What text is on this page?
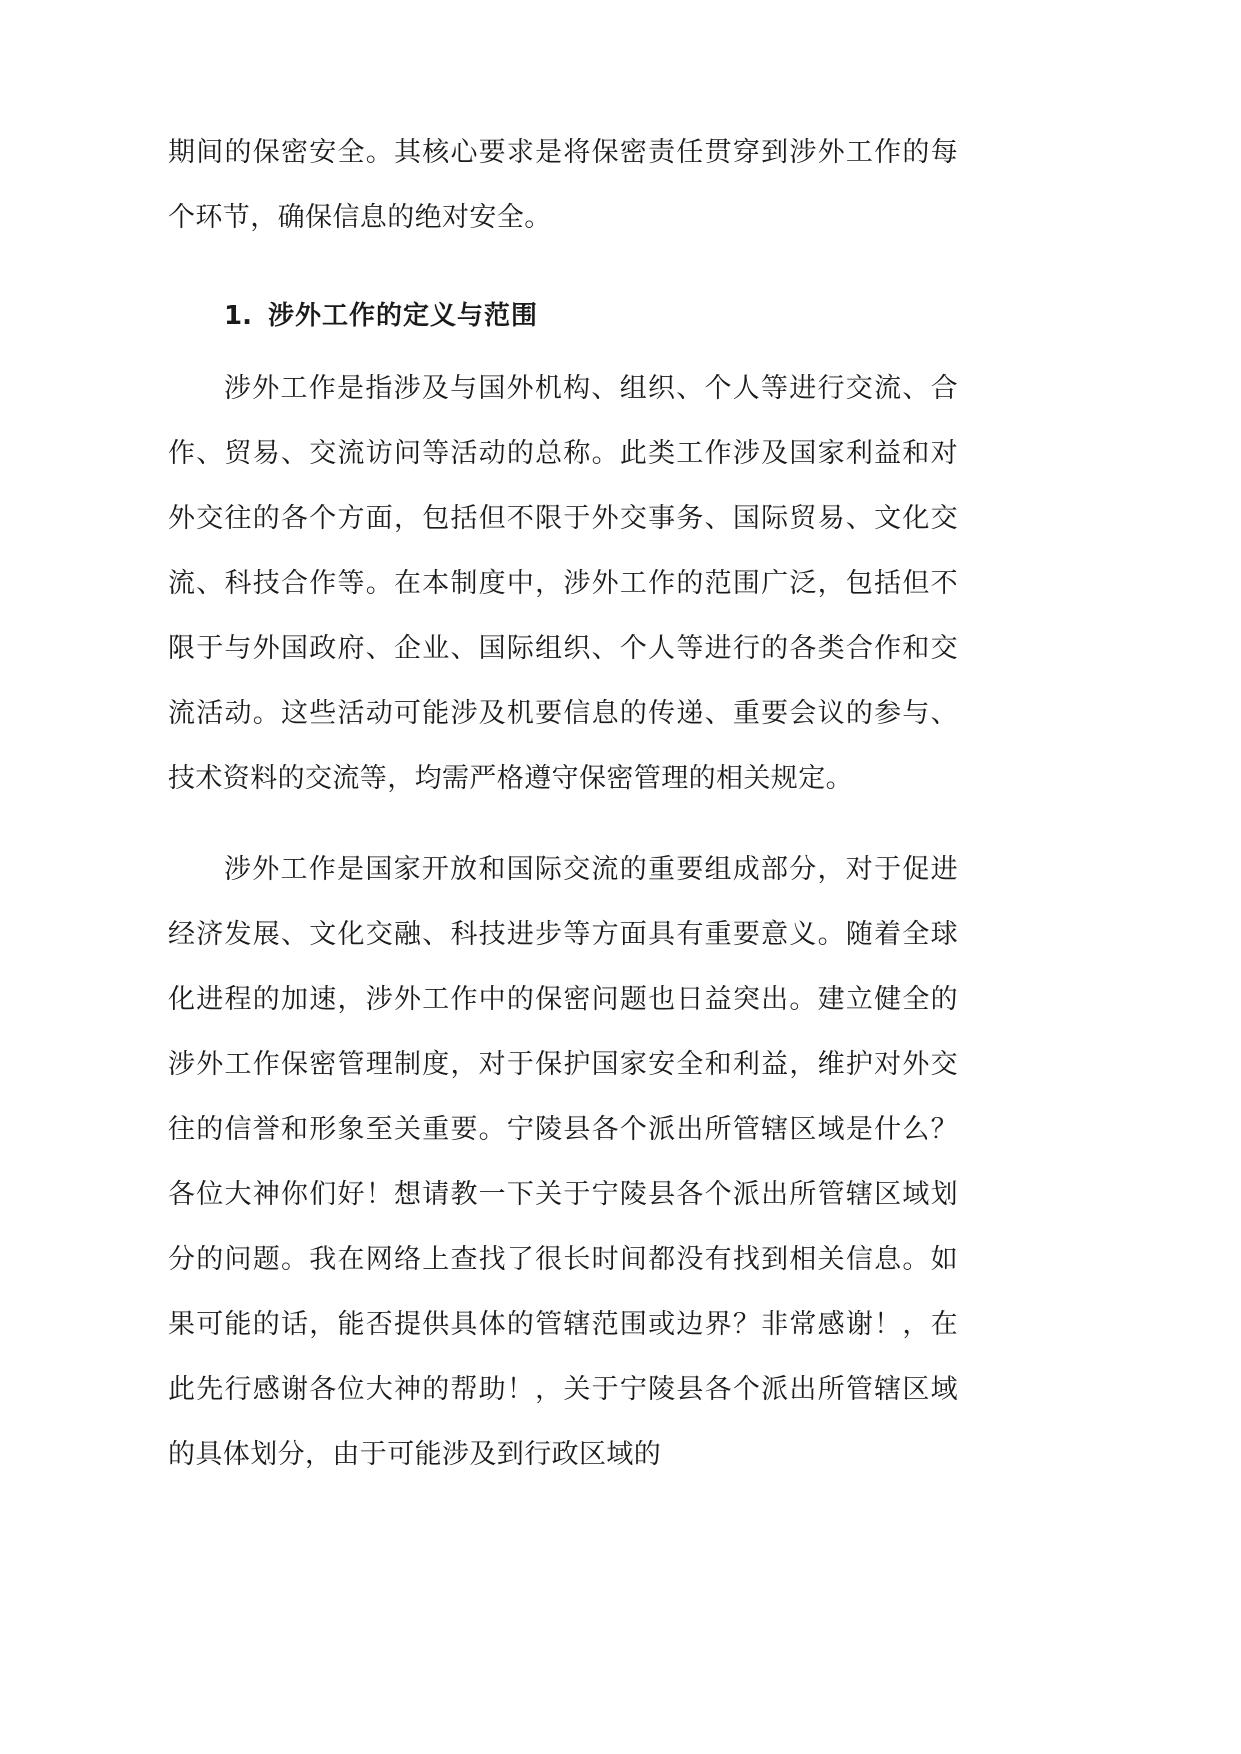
期间的保密安全。其核心要求是将保密责任贯穿到涉外工作的每个环节，确保信息的绝对安全。

1. 涉外工作的定义与范围

涉外工作是指涉及与国外机构、组织、个人等进行交流、合作、贸易、交流访问等活动的总称。此类工作涉及国家利益和对外交往的各个方面，包括但不限于外交事务、国际贸易、文化交流、科技合作等。在本制度中，涉外工作的范围广泛，包括但不限于与外国政府、企业、国际组织、个人等进行的各类合作和交流活动。这些活动可能涉及机要信息的传递、重要会议的参与、技术资料的交流等，均需严格遵守保密管理的相关规定。

涉外工作是国家开放和国际交流的重要组成部分，对于促进经济发展、文化交融、科技进步等方面具有重要意义。随着全球化进程的加速，涉外工作中的保密问题也日益突出。建立健全的涉外工作保密管理制度，对于保护国家安全和利益，维护对外交往的信誉和形象至关重要。宁陵县各个派出所管辖区域是什么？各位大神你们好！想请教一下关于宁陵县各个派出所管辖区域划分的问题。我在网络上查找了很长时间都没有找到相关信息。如果可能的话，能否提供具体的管辖范围或边界？非常感谢！，在此先行感谢各位大神的帮助！，关于宁陵县各个派出所管辖区域的具体划分，由于可能涉及到行政区域的
